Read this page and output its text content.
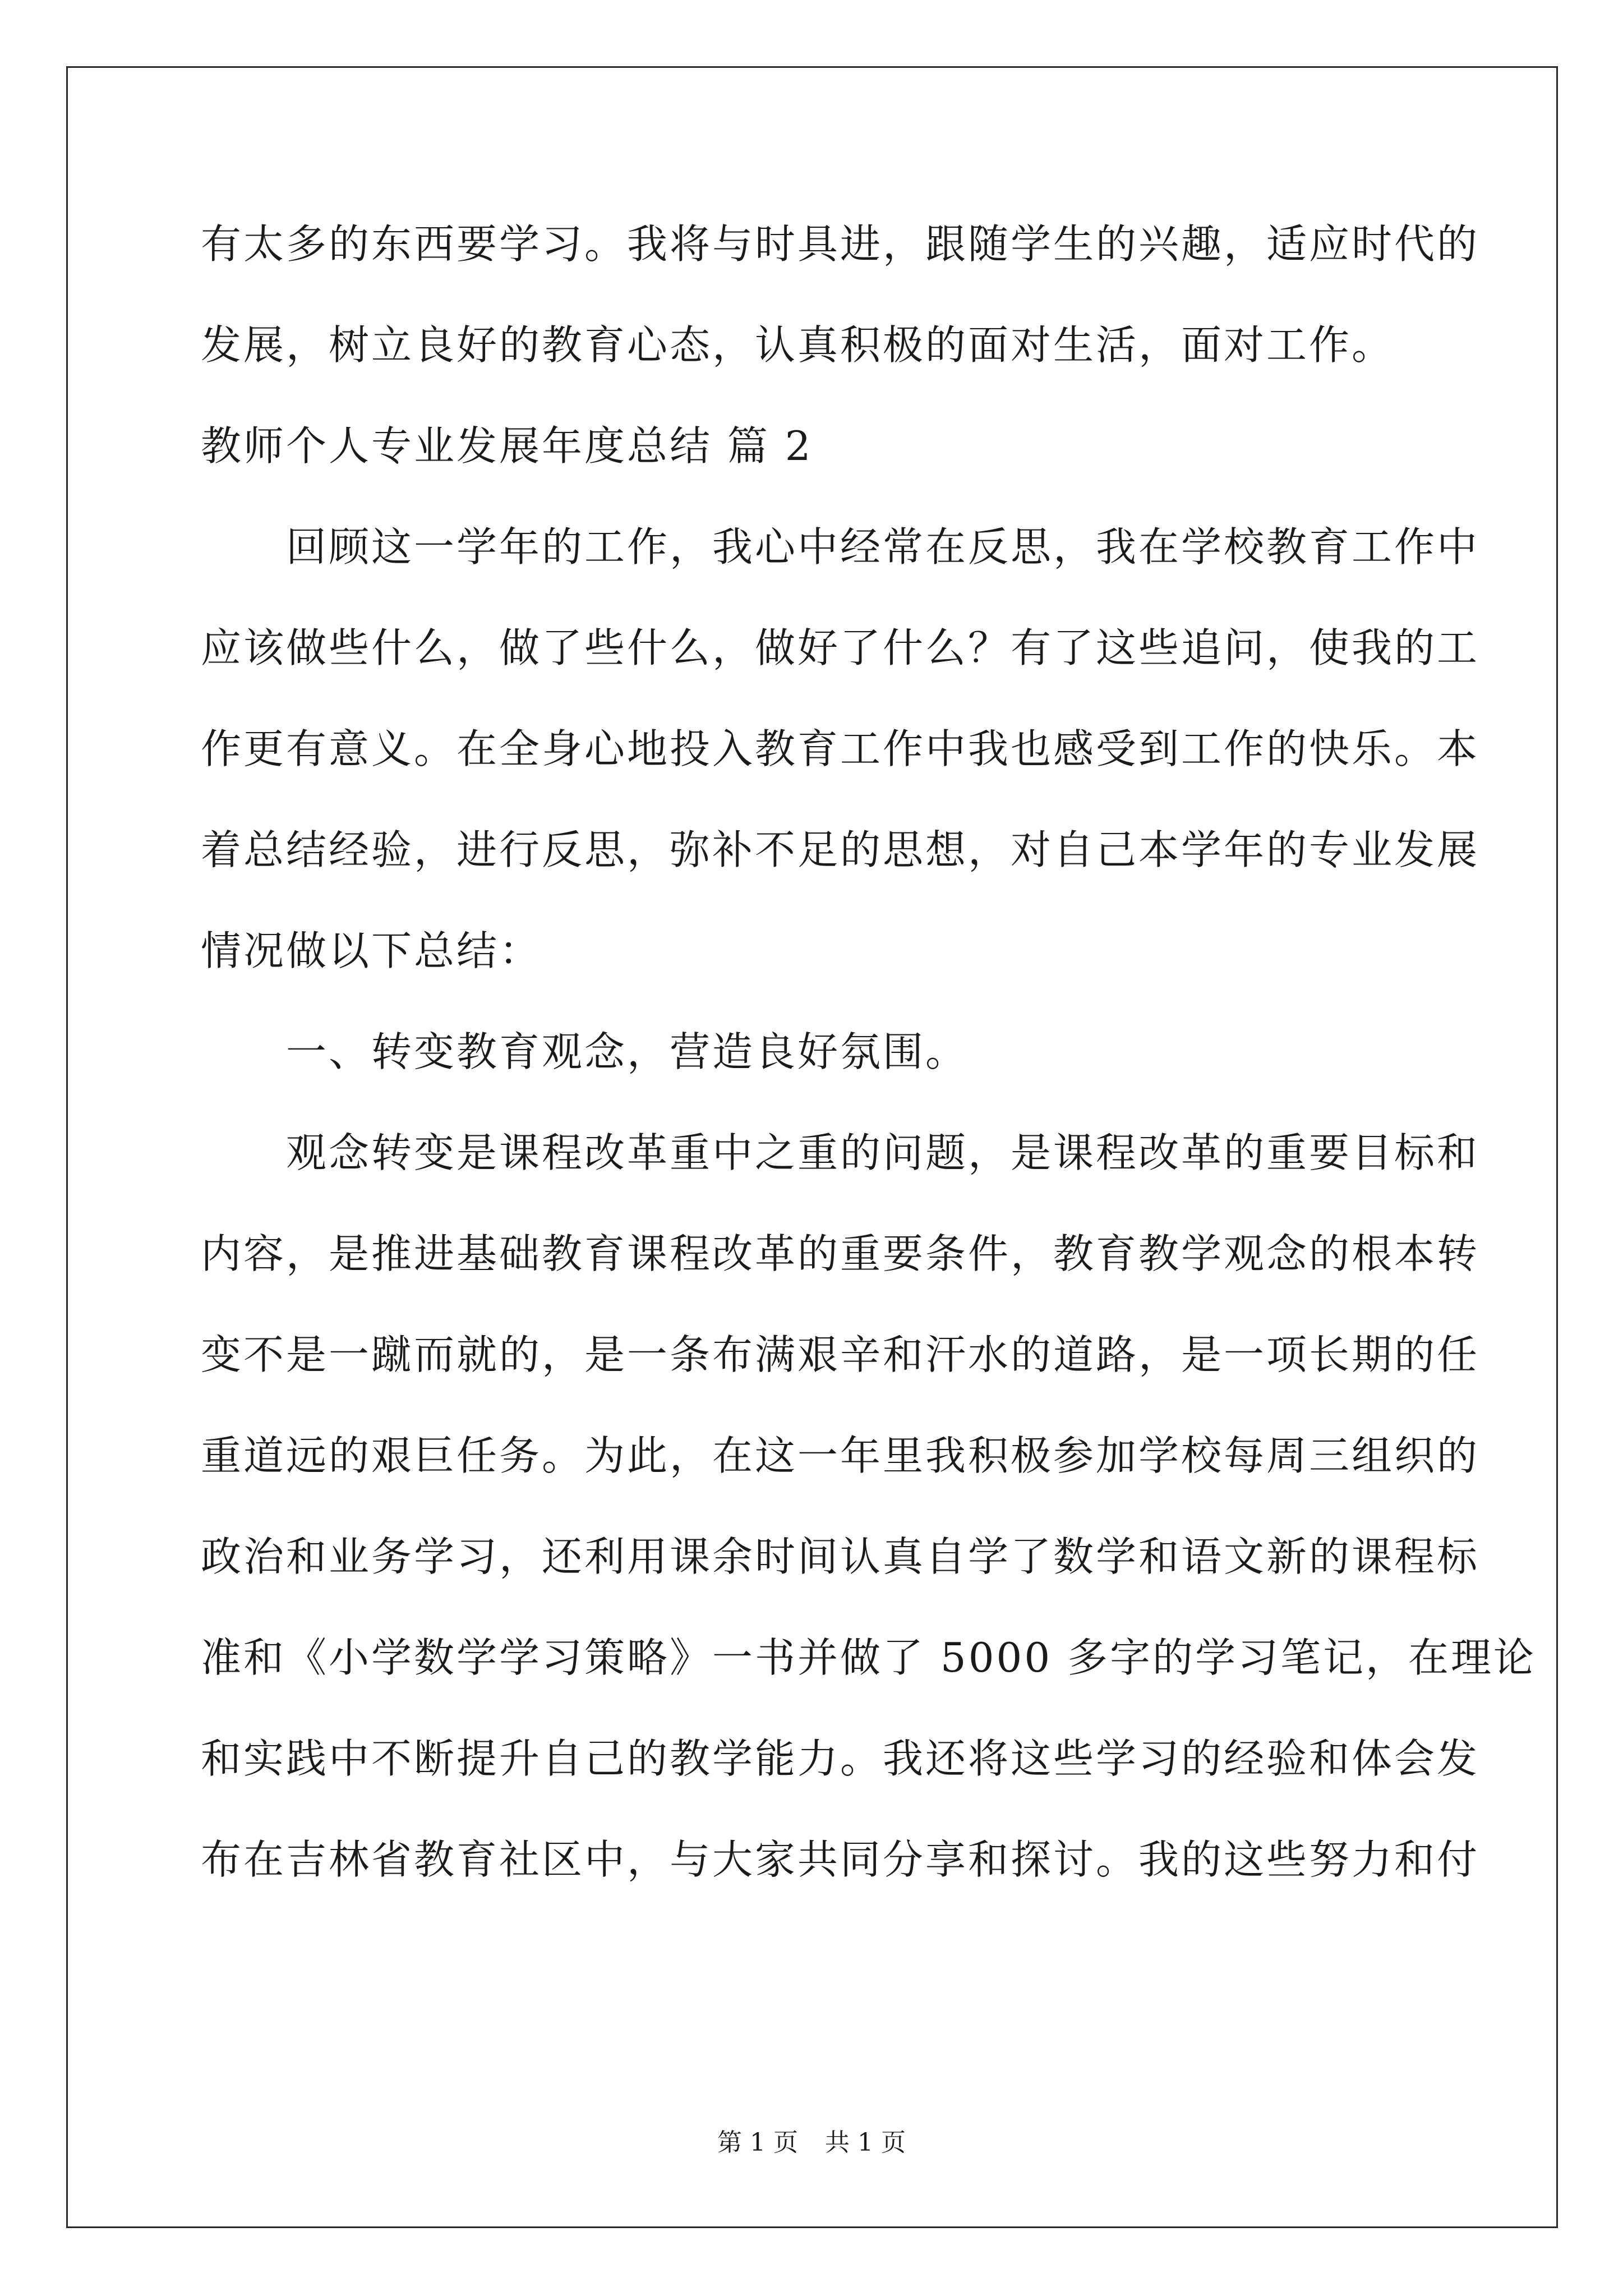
有太多的东西要学习。我将与时具进，跟随学生的兴趣，适应时代的
发展，树立良好的教育心态，认真积极的面对生活，面对工作。
教师个人专业发展年度总结 篇 2
回顾这一学年的工作，我心中经常在反思，我在学校教育工作中
应该做些什么，做了些什么，做好了什么？有了这些追问，使我的工
作更有意义。在全身心地投入教育工作中我也感受到工作的快乐。本
着总结经验，进行反思，弥补不足的思想，对自己本学年的专业发展
情况做以下总结：
一、转变教育观念，营造良好氛围。
观念转变是课程改革重中之重的问题，是课程改革的重要目标和
内容，是推进基础教育课程改革的重要条件，教育教学观念的根本转
变不是一蹴而就的，是一条布满艰辛和汗水的道路，是一项长期的任
重道远的艰巨任务。为此，在这一年里我积极参加学校每周三组织的
政治和业务学习，还利用课余时间认真自学了数学和语文新的课程标
准和《小学数学学习策略》一书并做了 5000 多字的学习笔记，在理论
和实践中不断提升自己的教学能力。我还将这些学习的经验和体会发
布在吉林省教育社区中，与大家共同分享和探讨。我的这些努力和付
第 1 页 共 1 页
